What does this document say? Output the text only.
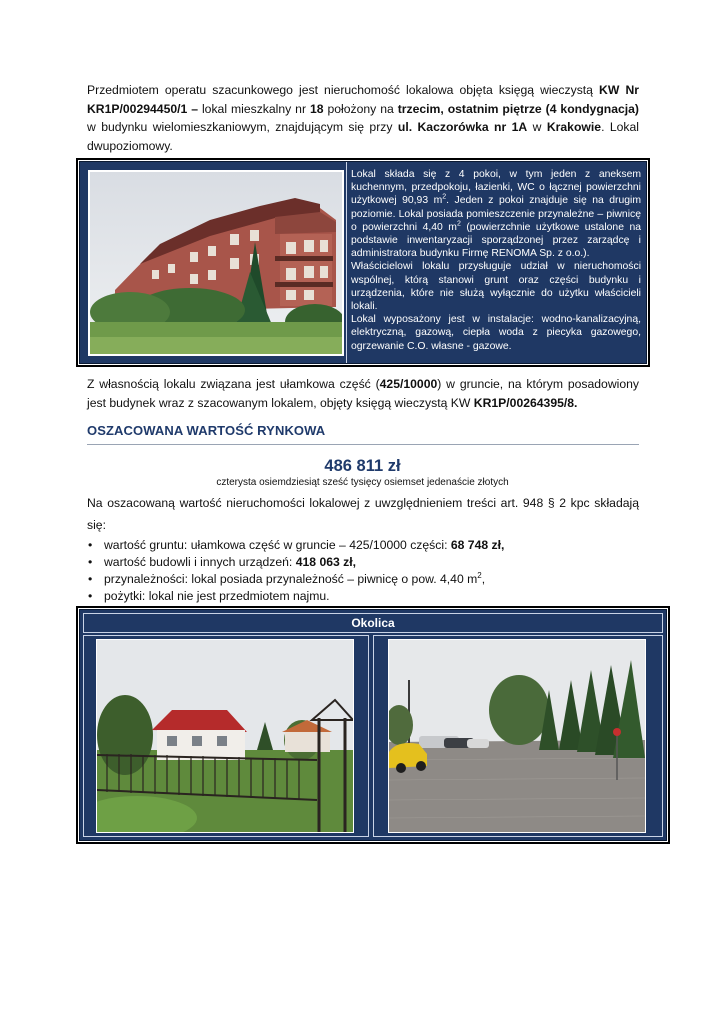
Przedmiotem operatu szacunkowego jest nieruchomość lokalowa objęta księgą wieczystą KW Nr KR1P/00294450/1 – lokal mieszkalny nr 18 położony na trzecim, ostatnim piętrze (4 kondygnacja) w budynku wielomieszkaniowym, znajdującym się przy ul. Kaczorówka nr 1A w Krakowie. Lokal dwupoziomowy.

Lokal składa się z 4 pokoi, w tym jeden z aneksem kuchennym, przedpokoju, łazienki, WC o łącznej powierzchni użytkowej 90,93 $m^2$. Jeden z pokoi znajduje się na drugim poziomie. Lokal posiada pomieszczenie przynależne – piwnicę o powierzchni 4,40 $m^2$ (powierzchnie użytkowe ustalone na podstawie inwentaryzacji sporządzonej przez zarządcę i administratora budynku Firmę RENOMA Sp. z o.o.).

Właścicielowi lokalu przysługuje udział w nieruchomości wspólnej, którą stanowi grunt oraz części budynku i urządzenia, które nie służą wyłącznie do użytku właścicieli lokali.

Lokal wyposażony jest w instalacje: wodno-kanalizacyjną, elektryczną, gazową, ciepła woda z piecyka gazowego, ogrzewanie C.O. własne - gazowe.

Z własnością lokalu związana jest ułamkowa część (425/10000) w gruncie, na którym posadowiony jest budynek wraz z szacowanym lokalem, objęty księgą wieczystą KW KR1P/00264395/8.
OSZACOWANA WARTOŚĆ RYNKOWA
486 811 zł
czterysta osiemdziesiąt sześć tysięcy osiemset jedenaście złotych
Na oszacowaną wartość nieruchomości lokalowej z uwzględnieniem treści art. 948 § 2 kpc składają się:
• wartość gruntu: ułamkowa część w gruncie – 425/10000 części: 68 748 zł,
• wartość budowli i innych urządzeń: 418 063 zł,
• przynależności: lokal posiada przynależność – piwnicę o pow. 4,40 $m^2$,
• pożytki: lokal nie jest przedmiotem najmu.
Okolica
